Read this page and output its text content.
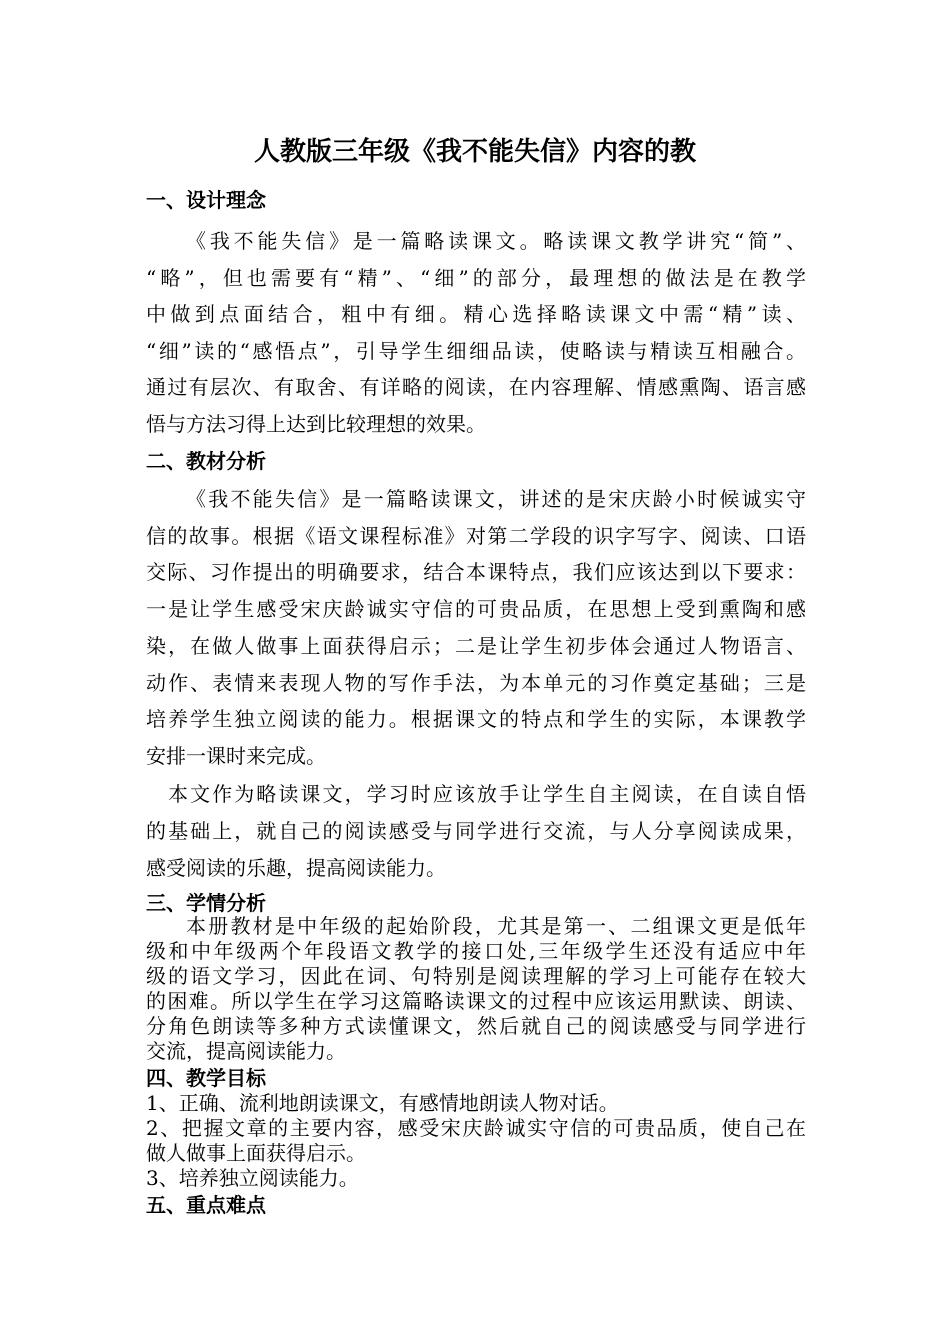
人教版三年级《我不能失信》内容的教
一、设计理念
《我不能失信》是一篇略读课文。略读课文教学讲究“简”、
“略”，但也需要有“精”、“细”的部分，最理想的做法是在教学
中做到点面结合，粗中有细。精心选择略读课文中需“精”读、
“细”读的“感悟点”，引导学生细细品读，使略读与精读互相融合。
通过有层次、有取舍、有详略的阅读，在内容理解、情感熏陶、语言感
悟与方法习得上达到比较理想的效果。
二、教材分析
《我不能失信》是一篇略读课文，讲述的是宋庆龄小时候诚实守
信的故事。根据《语文课程标准》对第二学段的识字写字、阅读、口语
交际、习作提出的明确要求，结合本课特点，我们应该达到以下要求：
一是让学生感受宋庆龄诚实守信的可贵品质，在思想上受到熏陶和感
染，在做人做事上面获得启示；二是让学生初步体会通过人物语言、
动作、表情来表现人物的写作手法，为本单元的习作奠定基础；三是
培养学生独立阅读的能力。根据课文的特点和学生的实际，本课教学
安排一课时来完成。
本文作为略读课文，学习时应该放手让学生自主阅读，在自读自悟
的基础上，就自己的阅读感受与同学进行交流，与人分享阅读成果，
感受阅读的乐趣，提高阅读能力。
三、学情分析
本册教材是中年级的起始阶段，尤其是第一、二组课文更是低年
级和中年级两个年段语文教学的接口处,三年级学生还没有适应中年
级的语文学习，因此在词、句特别是阅读理解的学习上可能存在较大
的困难。所以学生在学习这篇略读课文的过程中应该运用默读、朗读、
分角色朗读等多种方式读懂课文，然后就自己的阅读感受与同学进行
交流，提高阅读能力。
四、教学目标
1、正确、流利地朗读课文，有感情地朗读人物对话。
2、把握文章的主要内容，感受宋庆龄诚实守信的可贵品质，使自己在
做人做事上面获得启示。
3、培养独立阅读能力。
五、重点难点
